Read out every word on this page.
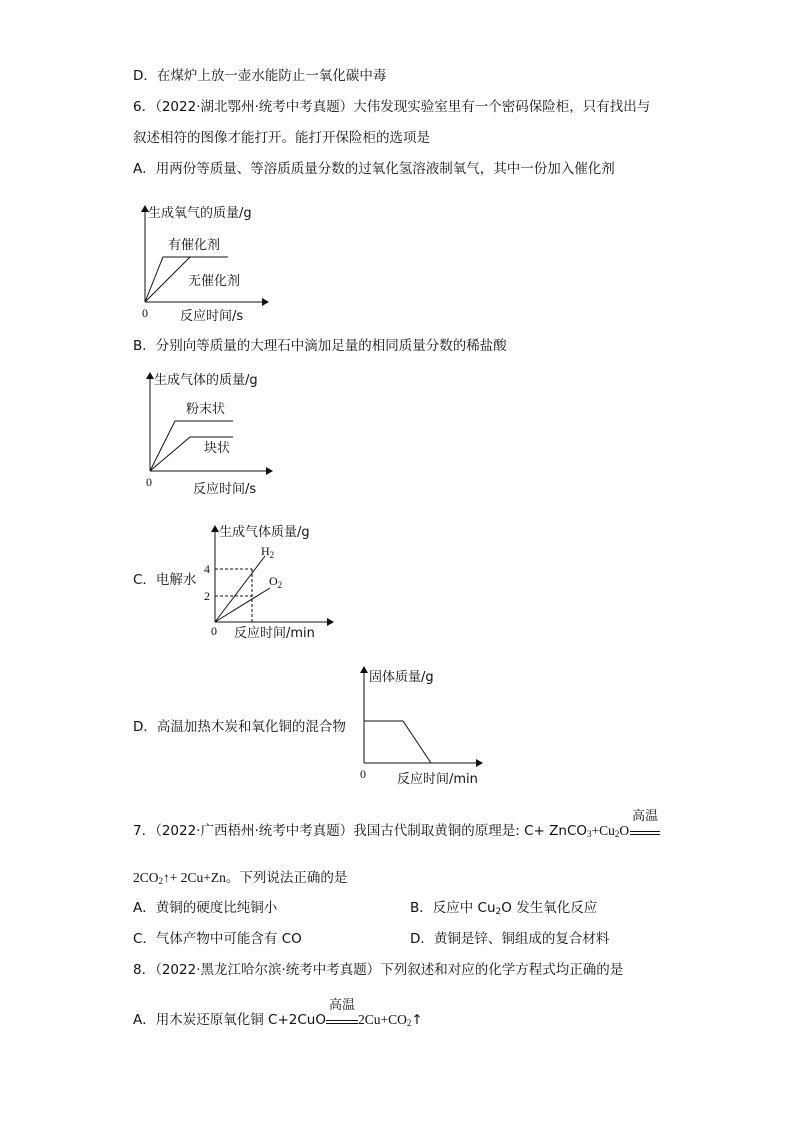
D．在煤炉上放一壶水能防止一氧化碳中毒
6．（2022·湖北鄂州·统考中考真题）大伟发现实验室里有一个密码保险柜，只有找出与
叙述相符的图像才能打开。能打开保险柜的选项是
A．用两份等质量、等溶质质量分数的过氧化氢溶液制氧气，其中一份加入催化剂
生成氧气的质量/g
有催化剂
无催化剂
0 反应时间/s
B．分别向等质量的大理石中滴加足量的相同质量分数的稀盐酸
生成气体的质量/g
粉末状
块状
0	反应时间/s
C．电解水
生成气体质量/g
$H_2$
$O_2$
4
2
0 反应时间/min
D．高温加热木炭和氧化铜的混合物
固体质量/g
0 反应时间/min
7．（2022·广西梧州·统考中考真题）我国古代制取黄铜的原理是: $C+ ZnCO_3+Cu_2O$
高温
$2CO_2↑+ 2Cu+Zn$。下列说法正确的是
A．黄铜的硬度比纯铜小	B．反应中 $Cu_2O$ 发生氧化反应
C．气体产物中可能含有 CO	D．黄铜是锌、铜组成的复合材料
8．（2022·黑龙江哈尔滨·统考中考真题）下列叙述和对应的化学方程式均正确的是
A．用木炭还原氧化铜 C+2CuO
高温
$2Cu+CO_2↑$
